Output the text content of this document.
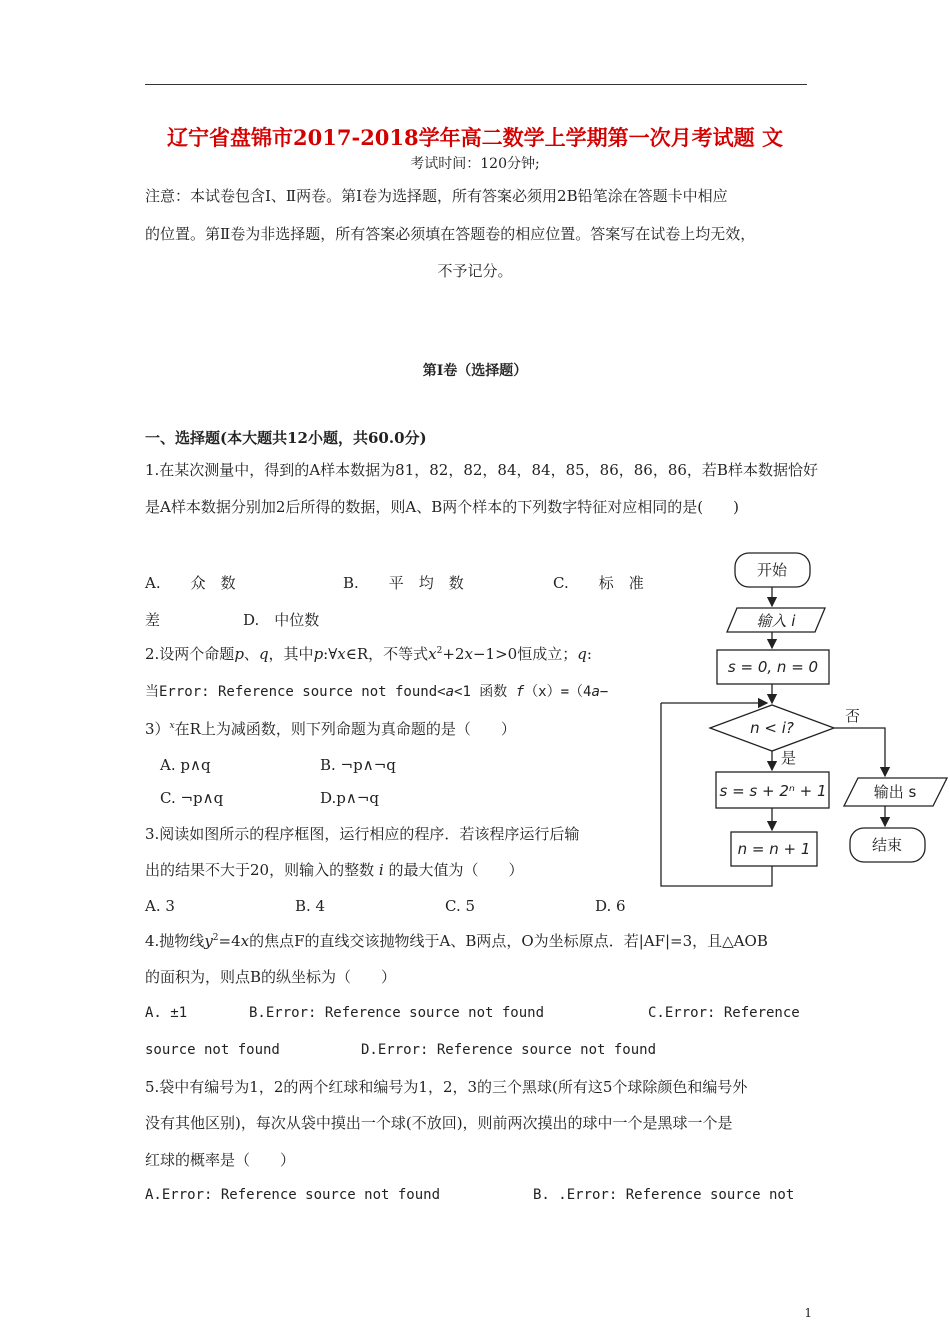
辽宁省盘锦市2017-2018学年高二数学上学期第一次月考试题 文
考试时间：120分钟;
注意：本试卷包含Ⅰ、Ⅱ两卷。第Ⅰ卷为选择题，所有答案必须用2B铅笔涂在答题卡中相应
的位置。第Ⅱ卷为非选择题，所有答案必须填在答题卷的相应位置。答案写在试卷上均无效，
不予记分。
第Ⅰ卷（选择题）
一、选择题(本大题共12小题，共60.0分)
1.在某次测量中，得到的A样本数据为81，82，82，84，84，85，86，86，86，若B样本数据恰好
是A样本数据分别加2后所得的数据，则A、B两个样本的下列数字特征对应相同的是(　　)
A.　　众　数	B.　　平　均　数	C.　　标　准
差	D.　中位数
2.设两个命题p、q，其中p:∀x∈R，不等式$x^2+2x-1>0$恒成立；q:
当Error: Reference source not found<a<1 函数 f（x）=（4a−
3）$^x$在R上为减函数，则下列命题为真命题的是（　　）
A. p∧q	B. ¬p∧¬q
C. ¬p∧q	D.p∧¬q
3.阅读如图所示的程序框图，运行相应的程序．若该程序运行后输
出的结果不大于20，则输入的整数 i 的最大值为（　　）
A. 3	B. 4	C. 5	D. 6
4.抛物线$y^2=4x$的焦点F的直线交该抛物线于A、B两点，O为坐标原点．若|AF|=3，且△AOB
的面积为，则点B的纵坐标为（　　）
A. ±1	B.Error: Reference source not found	C.Error: Reference
source not found	D.Error: Reference source not found
5.袋中有编号为1，2的两个红球和编号为1，2，3的三个黑球(所有这5个球除颜色和编号外
没有其他区别)，每次从袋中摸出一个球(不放回)，则前两次摸出的球中一个是黑球一个是
红球的概率是（　　）
A.Error: Reference source not found	B. .Error: Reference source not
开始
输入 i
s = 0, n = 0
n < i?
否
是
s = s + 2ⁿ + 1
n = n + 1
输出 s
结束
1
